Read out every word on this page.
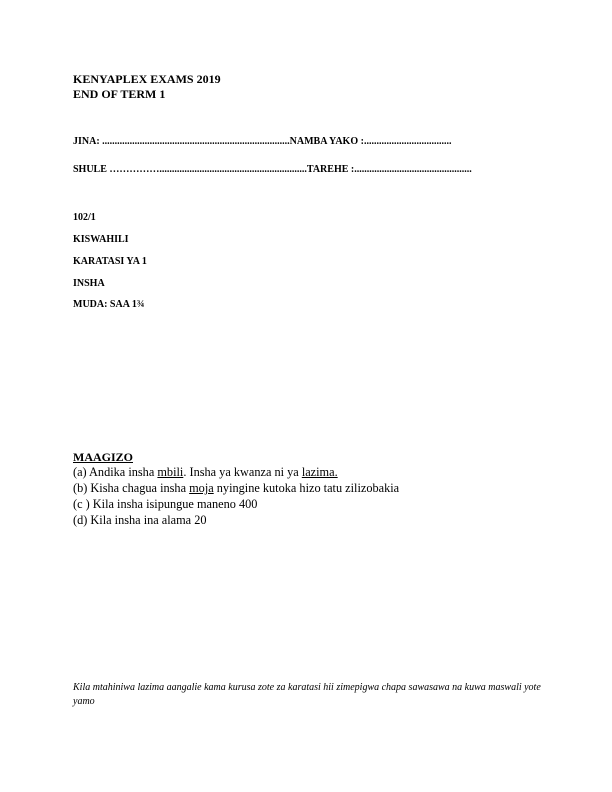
KENYAPLEX EXAMS 2019
END OF TERM 1
JINA: ...........................................................................NAMBA YAKO :...................................
SHULE ……………...........................................................TAREHE :...............................................
102/1
KISWAHILI
KARATASI YA 1
INSHA
MUDA: SAA 1¾
MAAGIZO
(a) Andika insha mbili. Insha ya kwanza ni ya lazima.
(b) Kisha chagua insha moja nyingine kutoka hizo tatu zilizobakia
(c ) Kila insha isipungue maneno 400
(d) Kila insha ina alama 20
Kila mtahiniwa lazima aangalie kama kurusa zote za karatasi hii zimepigwa chapa sawasawa na kuwa maswali yote yamo
